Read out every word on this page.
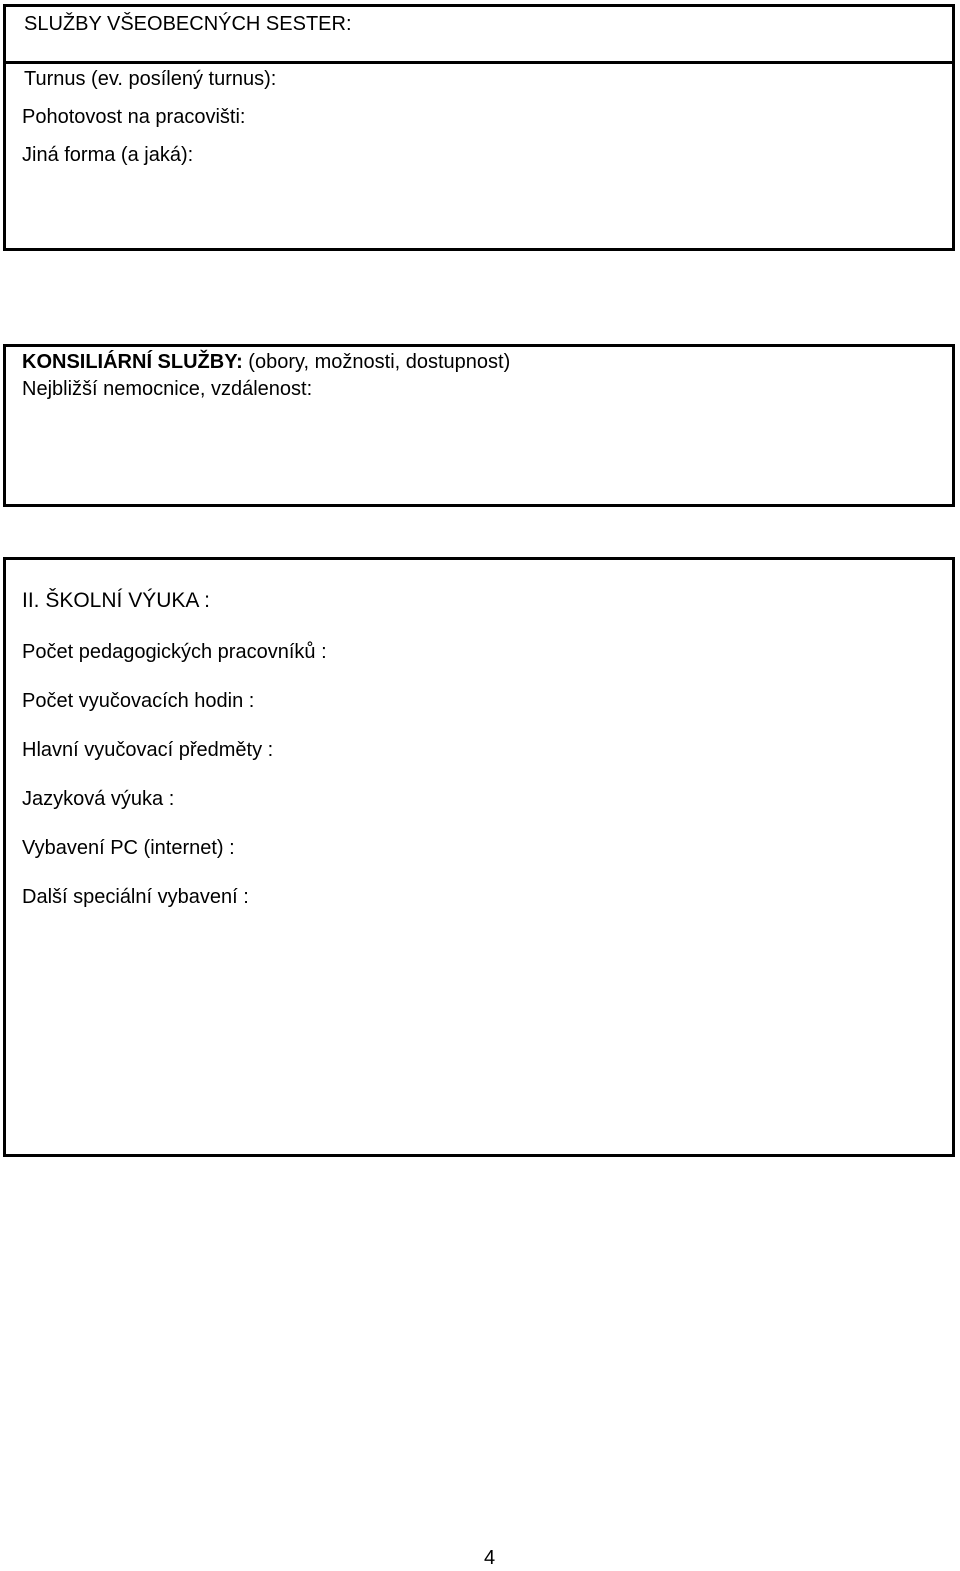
SLUŽBY VŠEOBECNÝCH SESTER:
Turnus (ev. posílený turnus):
Pohotovost na pracovišti:
Jiná forma (a jaká):
KONSILIÁRNÍ SLUŽBY: (obory, možnosti, dostupnost)
Nejbližší nemocnice, vzdálenost:
II. ŠKOLNÍ VÝUKA :
Počet pedagogických pracovníků :
Počet vyučovacích hodin :
Hlavní vyučovací předměty :
Jazyková výuka :
Vybavení PC (internet) :
Další speciální vybavení :
4
